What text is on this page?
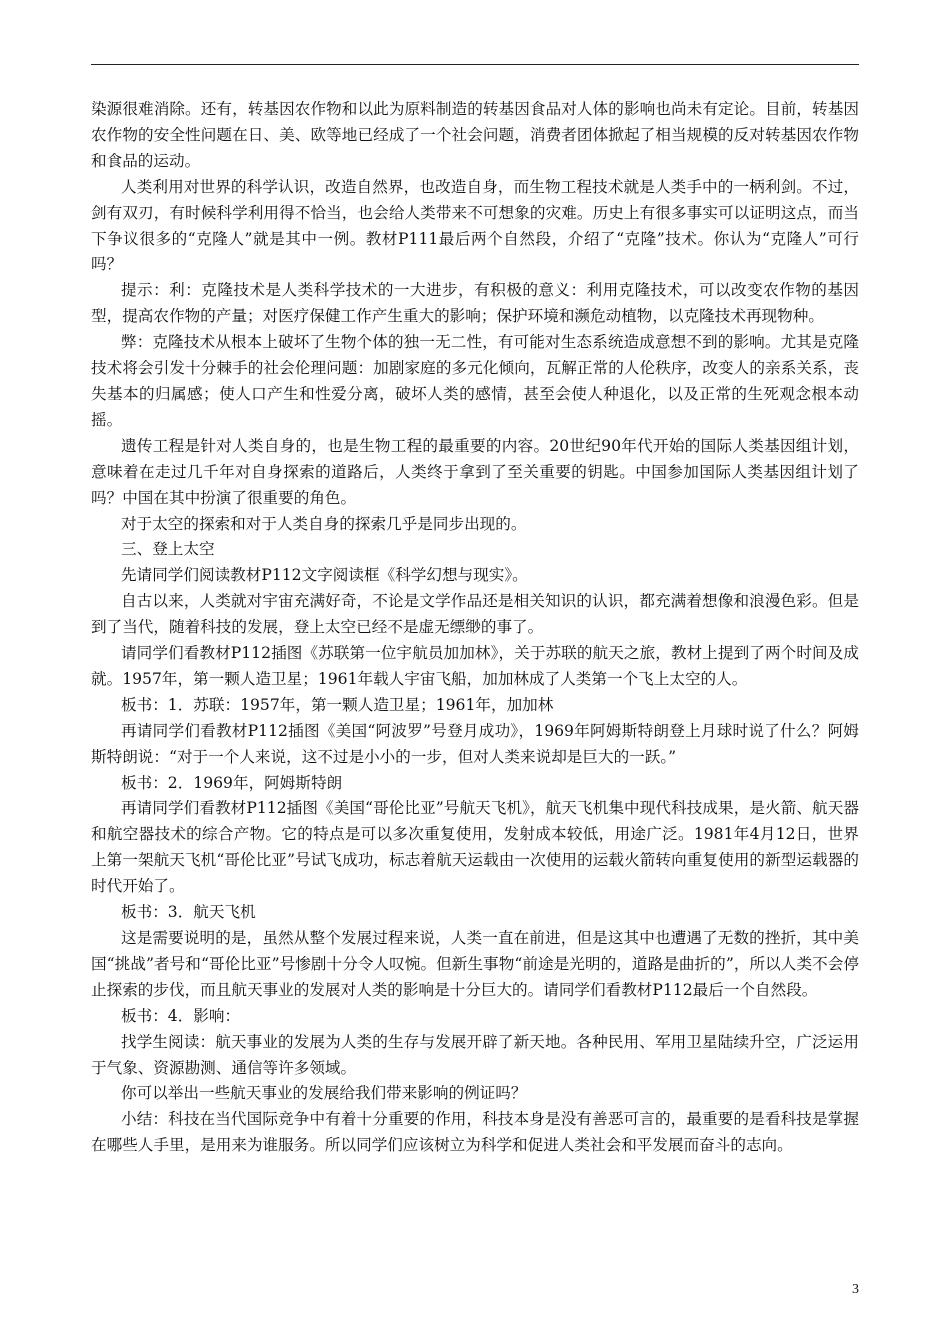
染源很难消除。还有，转基因农作物和以此为原料制造的转基因食品对人体的影响也尚未有定论。目前，转基因农作物的安全性问题在日、美、欧等地已经成了一个社会问题，消费者团体掀起了相当规模的反对转基因农作物和食品的运动。

人类利用对世界的科学认识，改造自然界，也改造自身，而生物工程技术就是人类手中的一柄利剑。不过，剑有双刃，有时候科学利用得不恰当，也会给人类带来不可想象的灾难。历史上有很多事实可以证明这点，而当下争议很多的“克隆人”就是其中一例。教材P111最后两个自然段，介绍了“克隆”技术。你认为“克隆人”可行吗？

提示：利：克隆技术是人类科学技术的一大进步，有积极的意义：利用克隆技术，可以改变农作物的基因型，提高农作物的产量；对医疗保健工作产生重大的影响；保护环境和濒危动植物，以克隆技术再现物种。

弊：克隆技术从根本上破坏了生物个体的独一无二性，有可能对生态系统造成意想不到的影响。尤其是克隆技术将会引发十分棘手的社会伦理问题：加剧家庭的多元化倾向，瓦解正常的人伦秩序，改变人的亲系关系，丧失基本的归属感；使人口产生和性爱分离，破坏人类的感情，甚至会使人种退化，以及正常的生死观念根本动摇。

遗传工程是针对人类自身的，也是生物工程的最重要的内容。20世纪90年代开始的国际人类基因组计划，意味着在走过几千年对自身探索的道路后，人类终于拿到了至关重要的钥匙。中国参加国际人类基因组计划了吗？中国在其中扮演了很重要的角色。

对于太空的探索和对于人类自身的探索几乎是同步出现的。

三、登上太空

先请同学们阅读教材P112文字阅读框《科学幻想与现实》。

自古以来，人类就对宇宙充满好奇，不论是文学作品还是相关知识的认识，都充满着想像和浪漫色彩。但是到了当代，随着科技的发展，登上太空已经不是虚无缥缈的事了。

请同学们看教材P112插图《苏联第一位宇航员加加林》，关于苏联的航天之旅，教材上提到了两个时间及成就。1957年，第一颗人造卫星；1961年载人宇宙飞船，加加林成了人类第一个飞上太空的人。

板书：1．苏联：1957年，第一颗人造卫星；1961年，加加林

再请同学们看教材P112插图《美国“阿波罗”号登月成功》，1969年阿姆斯特朗登上月球时说了什么？阿姆斯特朗说：“对于一个人来说，这不过是小小的一步，但对人类来说却是巨大的一跃。”

板书：2．1969年，阿姆斯特朗

再请同学们看教材P112插图《美国“哥伦比亚”号航天飞机》，航天飞机集中现代科技成果，是火箭、航天器和航空器技术的综合产物。它的特点是可以多次重复使用，发射成本较低，用途广泛。1981年4月12日，世界上第一架航天飞机“哥伦比亚”号试飞成功，标志着航天运载由一次使用的运载火箭转向重复使用的新型运载器的时代开始了。

板书：3．航天飞机

这是需要说明的是，虽然从整个发展过程来说，人类一直在前进，但是这其中也遭遇了无数的挫折，其中美国“挑战”者号和“哥伦比亚”号惨剧十分令人叹惋。但新生事物“前途是光明的，道路是曲折的”，所以人类不会停止探索的步伐，而且航天事业的发展对人类的影响是十分巨大的。请同学们看教材P112最后一个自然段。

板书：4．影响：

找学生阅读：航天事业的发展为人类的生存与发展开辟了新天地。各种民用、军用卫星陆续升空，广泛运用于气象、资源勘测、通信等许多领域。

你可以举出一些航天事业的发展给我们带来影响的例证吗？

小结：科技在当代国际竞争中有着十分重要的作用，科技本身是没有善恶可言的，最重要的是看科技是掌握在哪些人手里，是用来为谁服务。所以同学们应该树立为科学和促进人类社会和平发展而奋斗的志向。

3
